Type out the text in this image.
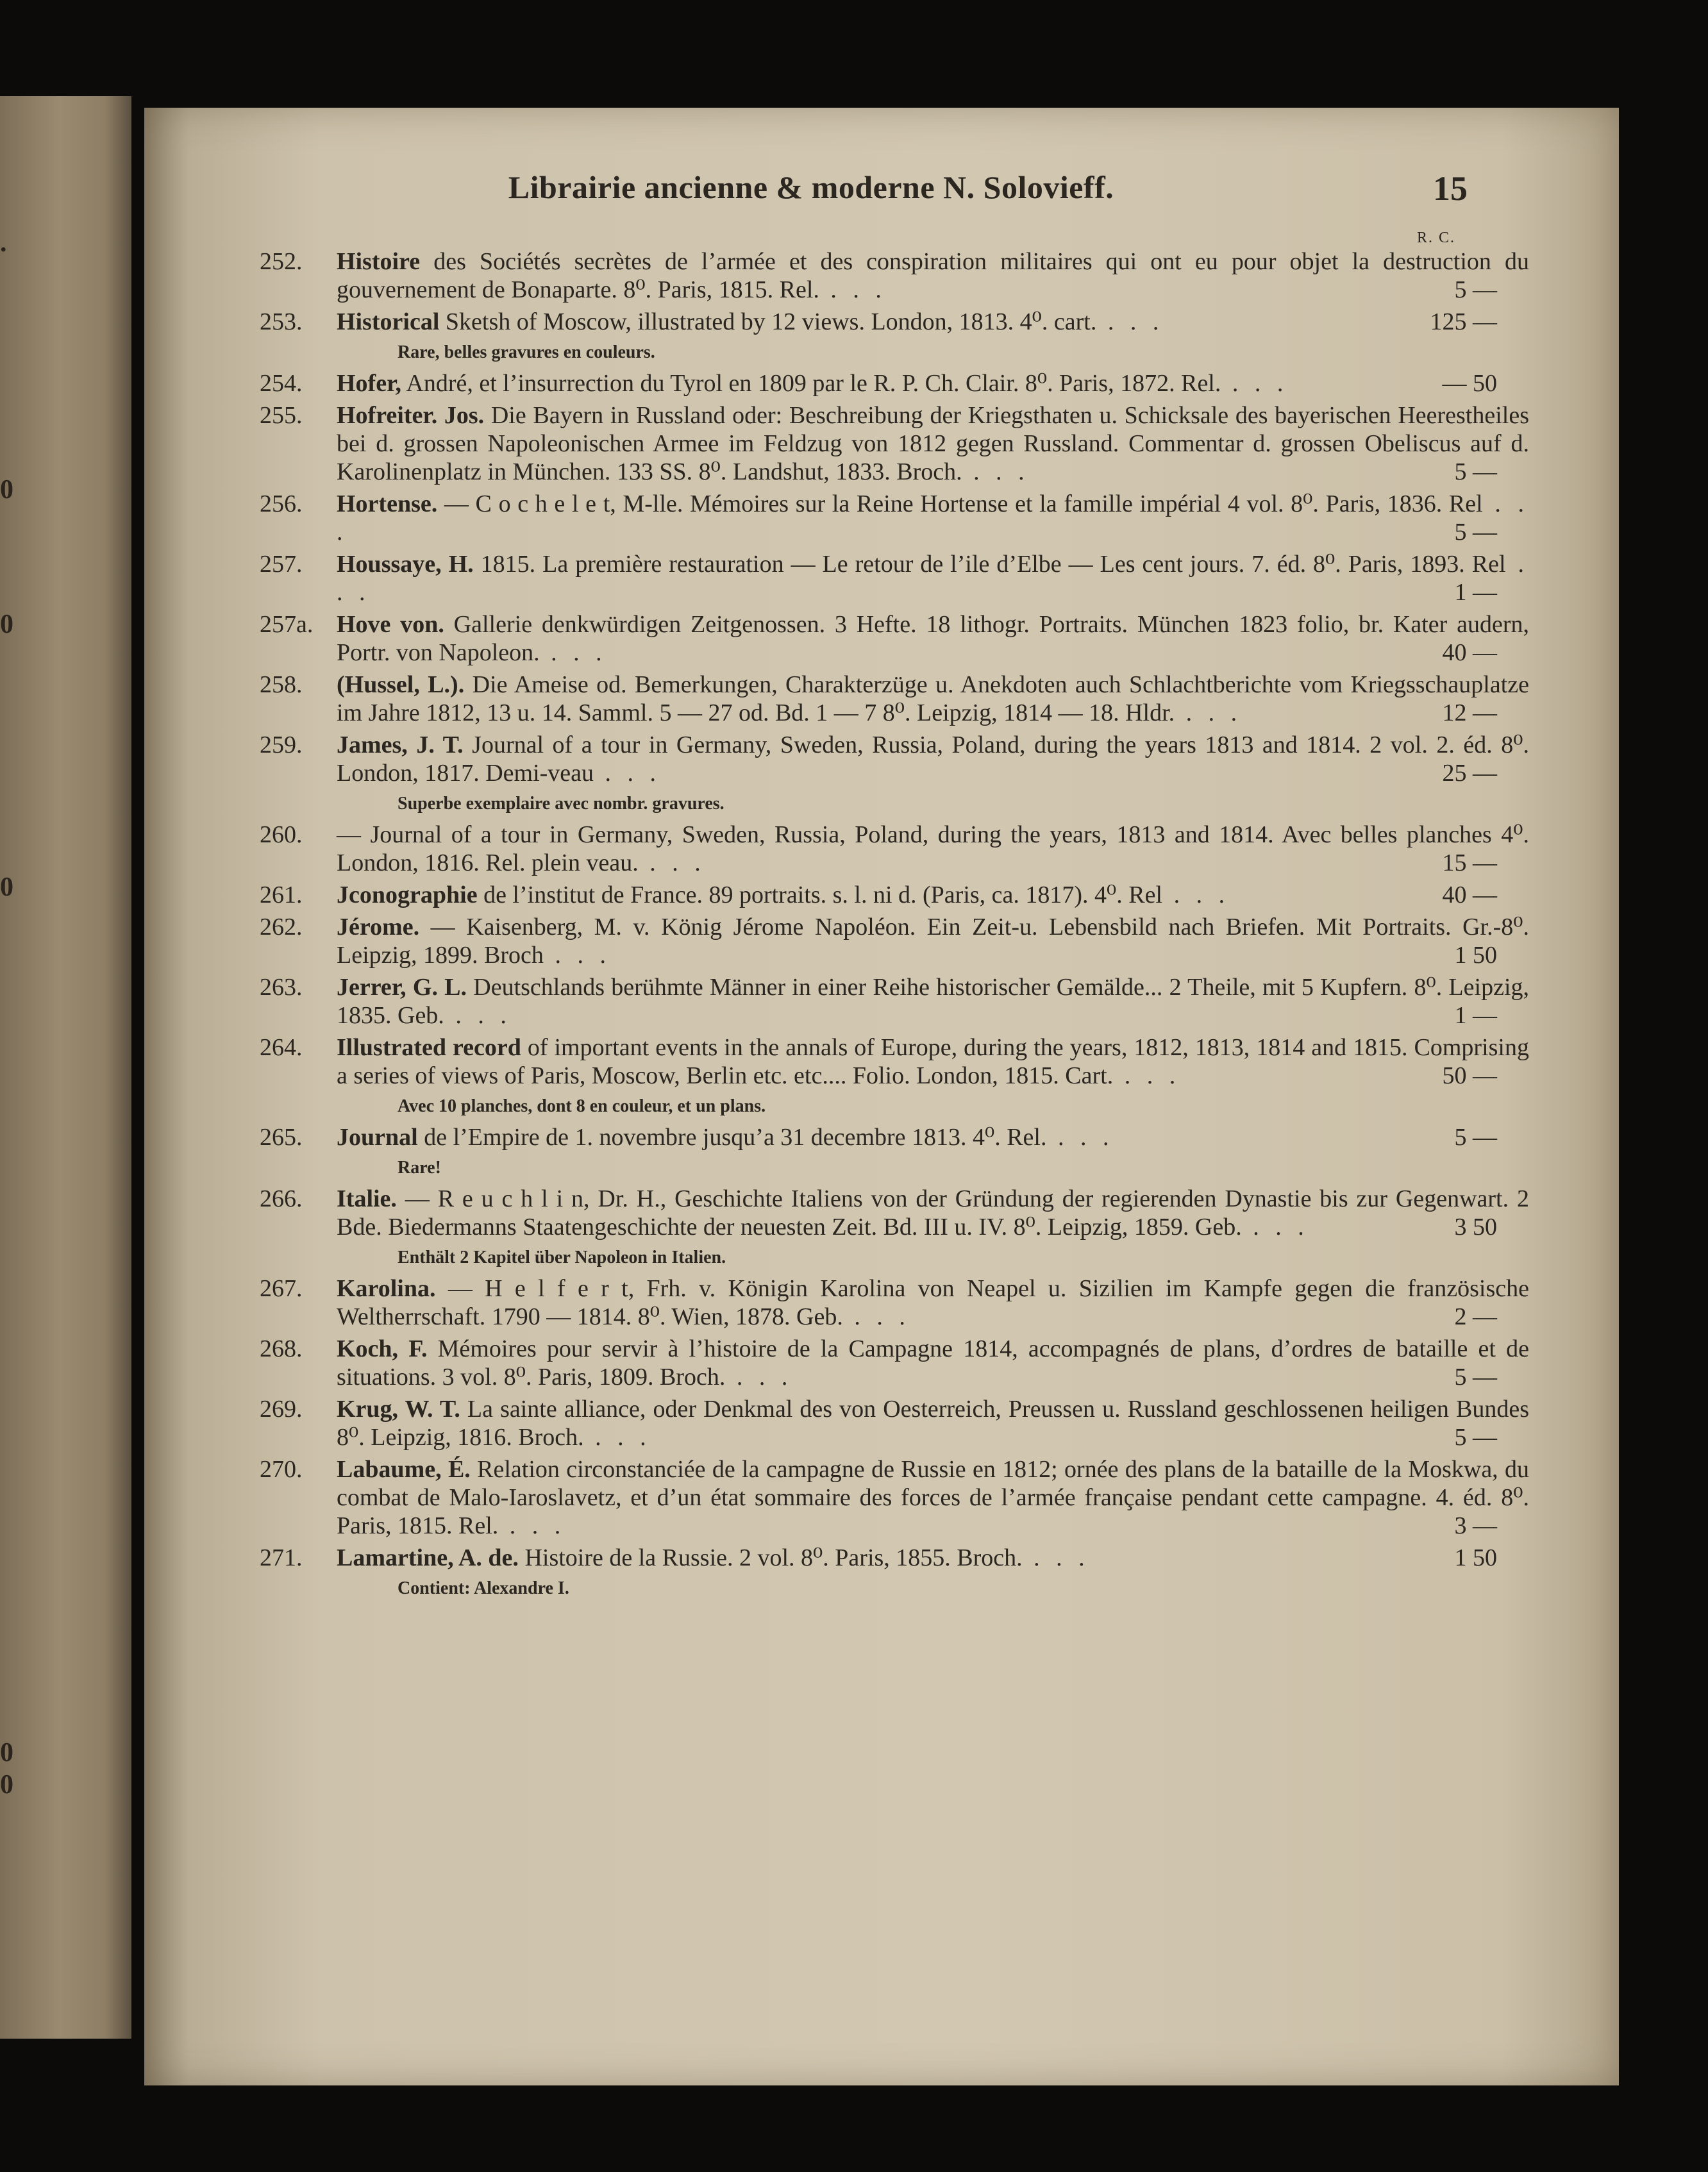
.
0
0
0
0
0
Librairie ancienne & moderne N. Solovieff.	15
R. C.
252.	Histoire des Sociétés secrètes de l’armée et des conspiration militaires qui ont eu pour objet la destruction du gouvernement de Bonaparte. 8⁰. Paris, 1815. Rel. . . .	5 —
253.	Historical Sketsh of Moscow, illustrated by 12 views. London, 1813. 4⁰. cart. . . .	125 —
Rare, belles gravures en couleurs.
254.	Hofer, André, et l’insurrection du Tyrol en 1809 par le R. P. Ch. Clair. 8⁰. Paris, 1872. Rel. . . .	— 50
255.	Hofreiter. Jos. Die Bayern in Russland oder: Beschreibung der Kriegsthaten u. Schicksale des bayerischen Heerestheiles bei d. grossen Napoleonischen Armee im Feldzug von 1812 gegen Russland. Commentar d. grossen Obeliscus auf d. Karolinenplatz in München. 133 SS. 8⁰. Landshut, 1833. Broch. . . .	5 —
256.	Hortense. — C o c h e l e t, M-lle. Mémoires sur la Reine Hortense et la famille impérial 4 vol. 8⁰. Paris, 1836. Rel . . .	5 —
257.	Houssaye, H. 1815. La première restauration — Le retour de l’ile d’Elbe — Les cent jours. 7. éd. 8⁰. Paris, 1893. Rel . . .	1 —
257a. Hove von. Gallerie denkwürdigen Zeitgenossen. 3 Hefte. 18 lithogr. Portraits. München 1823 folio, br. Kater audern, Portr. von Napoleon. . . .	40 —
258.	(Hussel, L.). Die Ameise od. Bemerkungen, Charakterzüge u. Anekdoten auch Schlachtberichte vom Kriegsschauplatze im Jahre 1812, 13 u. 14. Samml. 5 — 27 od. Bd. 1 — 7 8⁰. Leipzig, 1814 — 18. Hldr. . . .	12 —
259.	James, J. T. Journal of a tour in Germany, Sweden, Russia, Poland, during the years 1813 and 1814. 2 vol. 2. éd. 8⁰. London, 1817. Demi-veau . . .	25 —
Superbe exemplaire avec nombr. gravures.
260.	— Journal of a tour in Germany, Sweden, Russia, Poland, during the years, 1813 and 1814. Avec belles planches 4⁰. London, 1816. Rel. plein veau. . . .	15 —
261.	Jconographie de l’institut de France. 89 portraits. s. l. ni d. (Paris, ca. 1817). 4⁰. Rel . . .	40 —
262.	Jérome. — Kaisenberg, M. v. König Jérome Napoléon. Ein Zeit-u. Lebensbild nach Briefen. Mit Portraits. Gr.-8⁰. Leipzig, 1899. Broch . . .	1 50
263.	Jerrer, G. L. Deutschlands berühmte Männer in einer Reihe historischer Gemälde... 2 Theile, mit 5 Kupfern. 8⁰. Leipzig, 1835. Geb. . . .	1 —
264.	Illustrated record of important events in the annals of Europe, during the years, 1812, 1813, 1814 and 1815. Comprising a series of views of Paris, Moscow, Berlin etc. etc.... Folio. London, 1815. Cart. . . .	50 —
Avec 10 planches, dont 8 en couleur, et un plans.
265.	Journal de l’Empire de 1. novembre jusqu’a 31 decembre 1813. 4⁰. Rel. . . .	5 —
Rare!
266.	Italie. — R e u c h l i n, Dr. H., Geschichte Italiens von der Gründung der regierenden Dynastie bis zur Gegenwart. 2 Bde. Biedermanns Staatengeschichte der neuesten Zeit. Bd. III u. IV. 8⁰. Leipzig, 1859. Geb. . . .	3 50
Enthält 2 Kapitel über Napoleon in Italien.
267.	Karolina. — H e l f e r t, Frh. v. Königin Karolina von Neapel u. Sizilien im Kampfe gegen die französische Weltherrschaft. 1790 — 1814. 8⁰. Wien, 1878. Geb. . . .	2 —
268.	Koch, F. Mémoires pour servir à l’histoire de la Campagne 1814, accompagnés de plans, d’ordres de bataille et de situations. 3 vol. 8⁰. Paris, 1809. Broch. . . .	5 —
269.	Krug, W. T. La sainte alliance, oder Denkmal des von Oesterreich, Preussen u. Russland geschlossenen heiligen Bundes 8⁰. Leipzig, 1816. Broch. . . .	5 —
270.	Labaume, É. Relation circonstanciée de la campagne de Russie en 1812; ornée des plans de la bataille de la Moskwa, du combat de Malo-Iaroslavetz, et d’un état sommaire des forces de l’armée française pendant cette campagne. 4. éd. 8⁰. Paris, 1815. Rel. . . .	3 —
271.	Lamartine, A. de. Histoire de la Russie. 2 vol. 8⁰. Paris, 1855. Broch. . . .	1 50
Contient: Alexandre I.
